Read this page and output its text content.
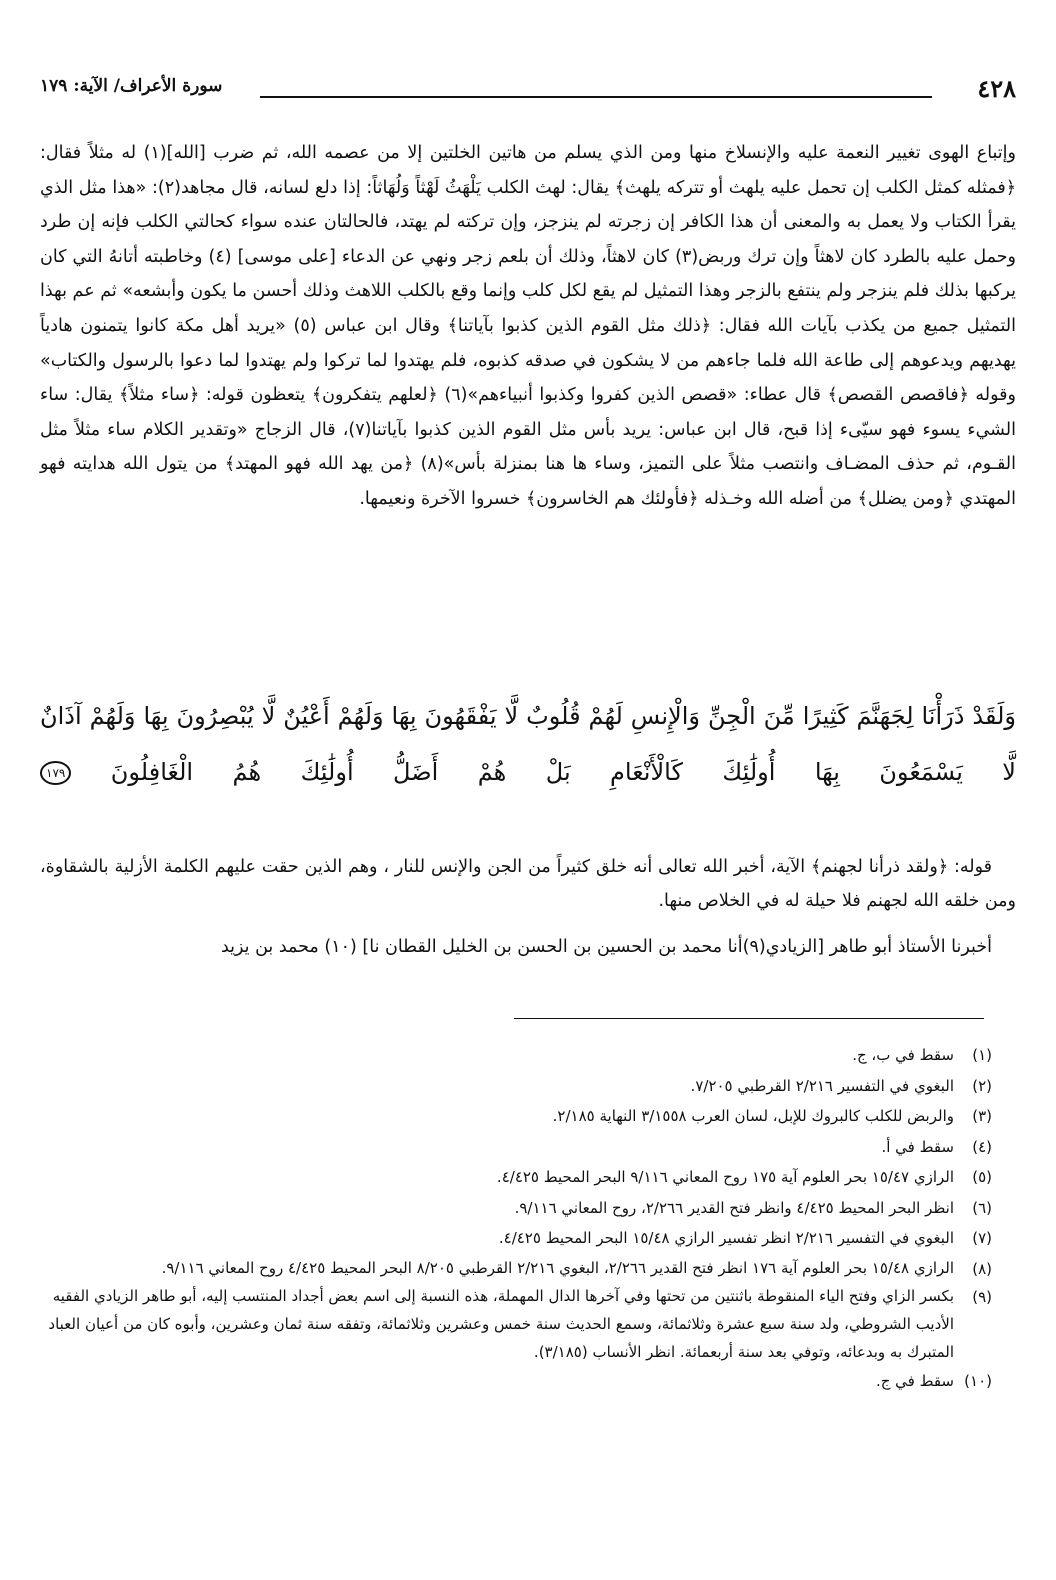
٤٢٨
سورة الأعراف/ الآية: ١٧٩

وإتباع الهوى تغيير النعمة عليه والإنسلاخ منها ومن الذي يسلم من هاتين الخلتين إلا من عصمه الله، ثم ضرب [الله](١) له مثلاً فقال: ﴿فمثله كمثل الكلب إن تحمل عليه يلهث أو تتركه يلهث﴾ يقال: لهث الكلب يَلْهَثُ لَهْثاً وَلُهَاثاً: إذا دلع لسانه، قال مجاهد(٢): «هذا مثل الذي يقرأ الكتاب ولا يعمل به والمعنى أن هذا الكافر إن زجرته لم ينزجز، وإن تركته لم يهتد، فالحالتان عنده سواء كحالتي الكلب فإنه إن طرد وحمل عليه بالطرد كان لاهثاً وإن ترك وربض(٣) كان لاهثاً، وذلك أن بلعم زجر ونهي عن الدعاء [على موسى] (٤) وخاطبته أتانهُ التي كان يركبها بذلك فلم ينزجر ولم ينتفع بالزجر وهذا التمثيل لم يقع لكل كلب وإنما وقع بالكلب اللاهث وذلك أحسن ما يكون وأبشعه» ثم عم بهذا التمثيل جميع من يكذب بآيات الله فقال: ﴿ذلك مثل القوم الذين كذبوا بآياتنا﴾ وقال ابن عباس (٥) «يريد أهل مكة كانوا يتمنون هادياً يهديهم ويدعوهم إلى طاعة الله فلما جاءهم من لا يشكون في صدقه كذبوه، فلم يهتدوا لما تركوا ولم يهتدوا لما دعوا بالرسول والكتاب» وقوله ﴿فاقصص القصص﴾ قال عطاء: «قصص الذين كفروا وكذبوا أنبياءهم»(٦) ﴿لعلهم يتفكرون﴾ يتعظون قوله: ﴿ساء مثلاً﴾ يقال: ساء الشيء يسوء فهو سيّىء إذا قبح، قال ابن عباس: يريد بأس مثل القوم الذين كذبوا بآياتنا(٧)، قال الزجاج «وتقدير الكلام ساء مثلاً مثل القـوم، ثم حذف المضـاف وانتصب مثلاً على التميز، وساء ها هنا بمنزلة بأس»(٨) ﴿من يهد الله فهو المهتد﴾ من يتول الله هدايته فهو المهتدي ﴿ومن يضلل﴾ من أضله الله وخـذله ﴿فأولئك هم الخاسرون﴾ خسروا الآخرة ونعيمها.

وَلَقَدْ ذَرَأْنَا لِجَهَنَّمَ كَثِيرًا مِّنَ الْجِنِّ وَالْإِنسِ لَهُمْ قُلُوبٌ لَّا يَفْقَهُونَ بِهَا وَلَهُمْ أَعْيُنٌ لَّا يُبْصِرُونَ بِهَا وَلَهُمْ آذَانٌ لَّا يَسْمَعُونَ بِهَا أُولَٰئِكَ كَالْأَنْعَامِ بَلْ هُمْ أَضَلُّ أُولَٰئِكَ هُمُ الْغَافِلُونَ ١٧٩

قوله: ﴿ولقد ذرأنا لجهنم﴾ الآية، أخبر الله تعالى أنه خلق كثيراً من الجن والإنس للنار ، وهم الذين حقت عليهم الكلمة الأزلية بالشقاوة، ومن خلقه الله لجهنم فلا حيلة له في الخلاص منها.

أخبرنا الأستاذ أبو طاهر [الزيادي(٩)أنا محمد بن الحسين بن الحسن بن الخليل القطان نا] (١٠) محمد بن يزيد

(١)
سقط في ب، ج.
(٢)
البغوي في التفسير ٢/٢١٦ القرطبي ٧/٢٠٥.
(٣)
والربض للكلب كالبروك للإبل، لسان العرب ٣/١٥٥٨ النهاية ٢/١٨٥.
(٤)
سقط في أ.
(٥)
الرازي ١٥/٤٧ بحر العلوم آية ١٧٥ روح المعاني ٩/١١٦ البحر المحيط ٤/٤٢٥.
(٦)
انظر البحر المحيط ٤/٤٢٥ وانظر فتح القدير ٢/٢٦٦، روح المعاني ٩/١١٦.
(٧)
البغوي في التفسير ٢/٢١٦ انظر تفسير الرازي ١٥/٤٨ البحر المحيط ٤/٤٢٥.
(٨)
الرازي ١٥/٤٨ بحر العلوم آية ١٧٦ انظر فتح القدير ٢/٢٦٦، البغوي ٢/٢١٦ القرطبي ٨/٢٠٥ البحر المحيط ٤/٤٢٥ روح المعاني ٩/١١٦.
(٩)
بكسر الزاي وفتح الياء المنقوطة باثنتين من تحتها وفي آخرها الدال المهملة، هذه النسبة إلى اسم بعض أجداد المنتسب إليه، أبو طاهر الزيادي الفقيه الأديب الشروطي، ولد سنة سبع عشرة وثلاثمائة، وسمع الحديث سنة خمس وعشرين وثلاثمائة، وتفقه سنة ثمان وعشرين، وأبوه كان من أعيان العباد المتبرك به وبدعائه، وتوفي بعد سنة أربعمائة. انظر الأنساب (٣/١٨٥).
(١٠)
سقط في ج.
